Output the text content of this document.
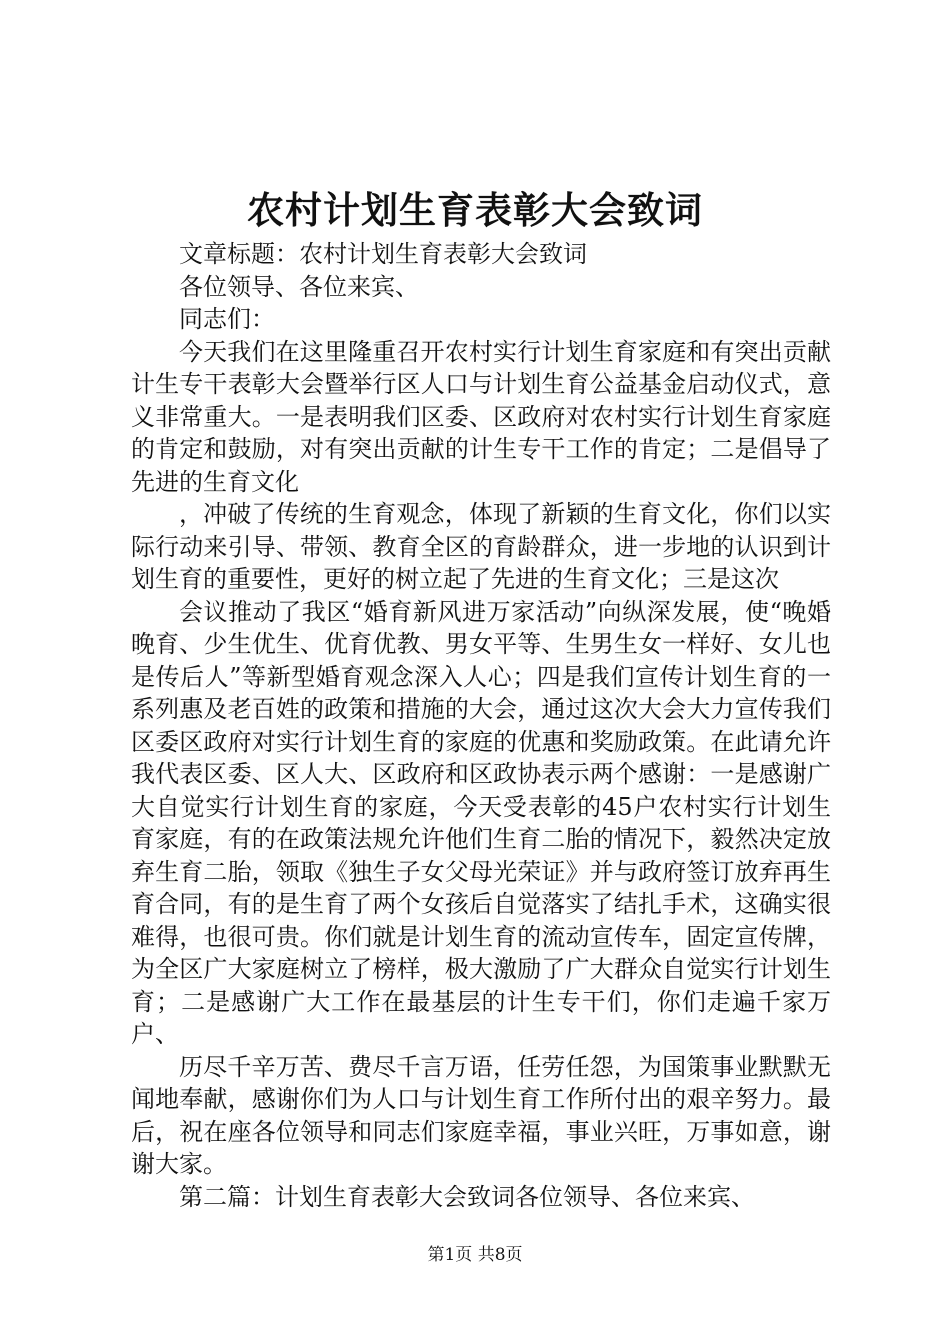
农村计划生育表彰大会致词

文章标题：农村计划生育表彰大会致词

各位领导、各位来宾、

同志们：

今天我们在这里隆重召开农村实行计划生育家庭和有突出贡献计生专干表彰大会暨举行区人口与计划生育公益基金启动仪式，意义非常重大。一是表明我们区委、区政府对农村实行计划生育家庭的肯定和鼓励，对有突出贡献的计生专干工作的肯定；二是倡导了先进的生育文化

，冲破了传统的生育观念，体现了新颖的生育文化，你们以实际行动来引导、带领、教育全区的育龄群众，进一步地的认识到计划生育的重要性，更好的树立起了先进的生育文化；三是这次

会议推动了我区“婚育新风进万家活动”向纵深发展，使“晚婚晚育、少生优生、优育优教、男女平等、生男生女一样好、女儿也是传后人”等新型婚育观念深入人心；四是我们宣传计划生育的一系列惠及老百姓的政策和措施的大会，通过这次大会大力宣传我们区委区政府对实行计划生育的家庭的优惠和奖励政策。在此请允许我代表区委、区人大、区政府和区政协表示两个感谢：一是感谢广大自觉实行计划生育的家庭，今天受表彰的45户农村实行计划生育家庭，有的在政策法规允许他们生育二胎的情况下，毅然决定放弃生育二胎，领取《独生子女父母光荣证》并与政府签订放弃再生育合同，有的是生育了两个女孩后自觉落实了结扎手术，这确实很难得，也很可贵。你们就是计划生育的流动宣传车，固定宣传牌，为全区广大家庭树立了榜样，极大激励了广大群众自觉实行计划生育；二是感谢广大工作在最基层的计生专干们，你们走遍千家万户、

历尽千辛万苦、费尽千言万语，任劳任怨，为国策事业默默无闻地奉献，感谢你们为人口与计划生育工作所付出的艰辛努力。最后，祝在座各位领导和同志们家庭幸福，事业兴旺，万事如意，谢谢大家。

第二篇：计划生育表彰大会致词各位领导、各位来宾、

第1页 共8页
